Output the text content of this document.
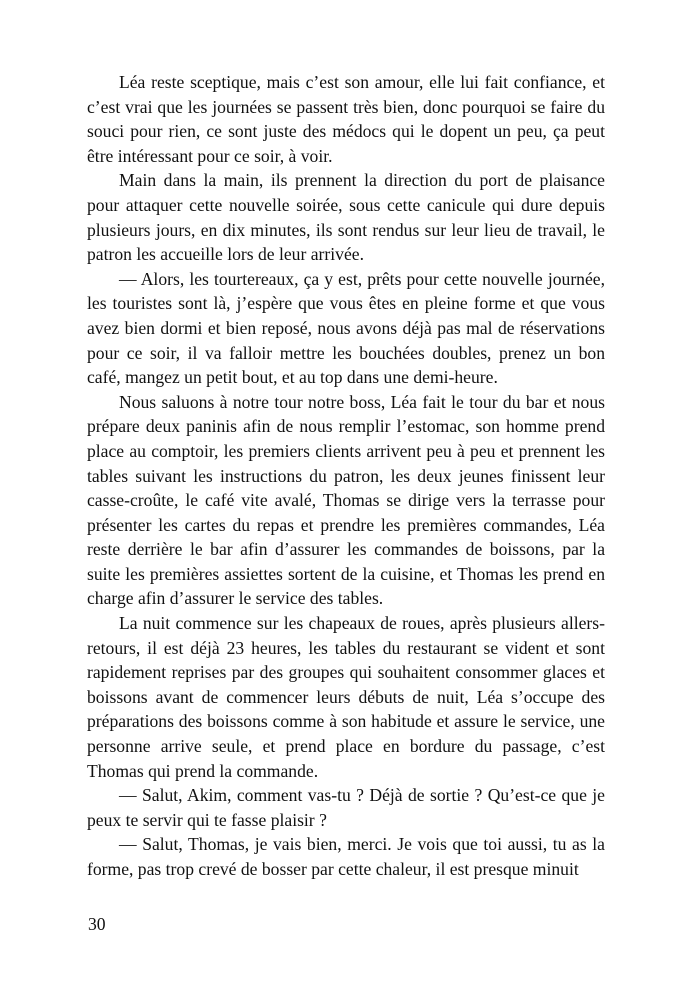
Léa reste sceptique, mais c’est son amour, elle lui fait confiance, et c’est vrai que les journées se passent très bien, donc pourquoi se faire du souci pour rien, ce sont juste des médocs qui le dopent un peu, ça peut être intéressant pour ce soir, à voir.

Main dans la main, ils prennent la direction du port de plaisance pour attaquer cette nouvelle soirée, sous cette canicule qui dure depuis plusieurs jours, en dix minutes, ils sont rendus sur leur lieu de travail, le patron les accueille lors de leur arrivée.

— Alors, les tourtereaux, ça y est, prêts pour cette nouvelle journée, les touristes sont là, j’espère que vous êtes en pleine forme et que vous avez bien dormi et bien reposé, nous avons déjà pas mal de réservations pour ce soir, il va falloir mettre les bouchées doubles, prenez un bon café, mangez un petit bout, et au top dans une demi-heure.

Nous saluons à notre tour notre boss, Léa fait le tour du bar et nous prépare deux paninis afin de nous remplir l’estomac, son homme prend place au comptoir, les premiers clients arrivent peu à peu et prennent les tables suivant les instructions du patron, les deux jeunes finissent leur casse-croûte, le café vite avalé, Thomas se dirige vers la terrasse pour présenter les cartes du repas et prendre les premières commandes, Léa reste derrière le bar afin d’assurer les commandes de boissons, par la suite les premières assiettes sortent de la cuisine, et Thomas les prend en charge afin d’assurer le service des tables.

La nuit commence sur les chapeaux de roues, après plusieurs allers-retours, il est déjà 23 heures, les tables du restaurant se vident et sont rapidement reprises par des groupes qui souhaitent consommer glaces et boissons avant de commencer leurs débuts de nuit, Léa s’occupe des préparations des boissons comme à son habitude et assure le service, une personne arrive seule, et prend place en bordure du passage, c’est Thomas qui prend la commande.

— Salut, Akim, comment vas-tu ? Déjà de sortie ? Qu’est-ce que je peux te servir qui te fasse plaisir ?

— Salut, Thomas, je vais bien, merci. Je vois que toi aussi, tu as la forme, pas trop crevé de bosser par cette chaleur, il est presque minuit

30
